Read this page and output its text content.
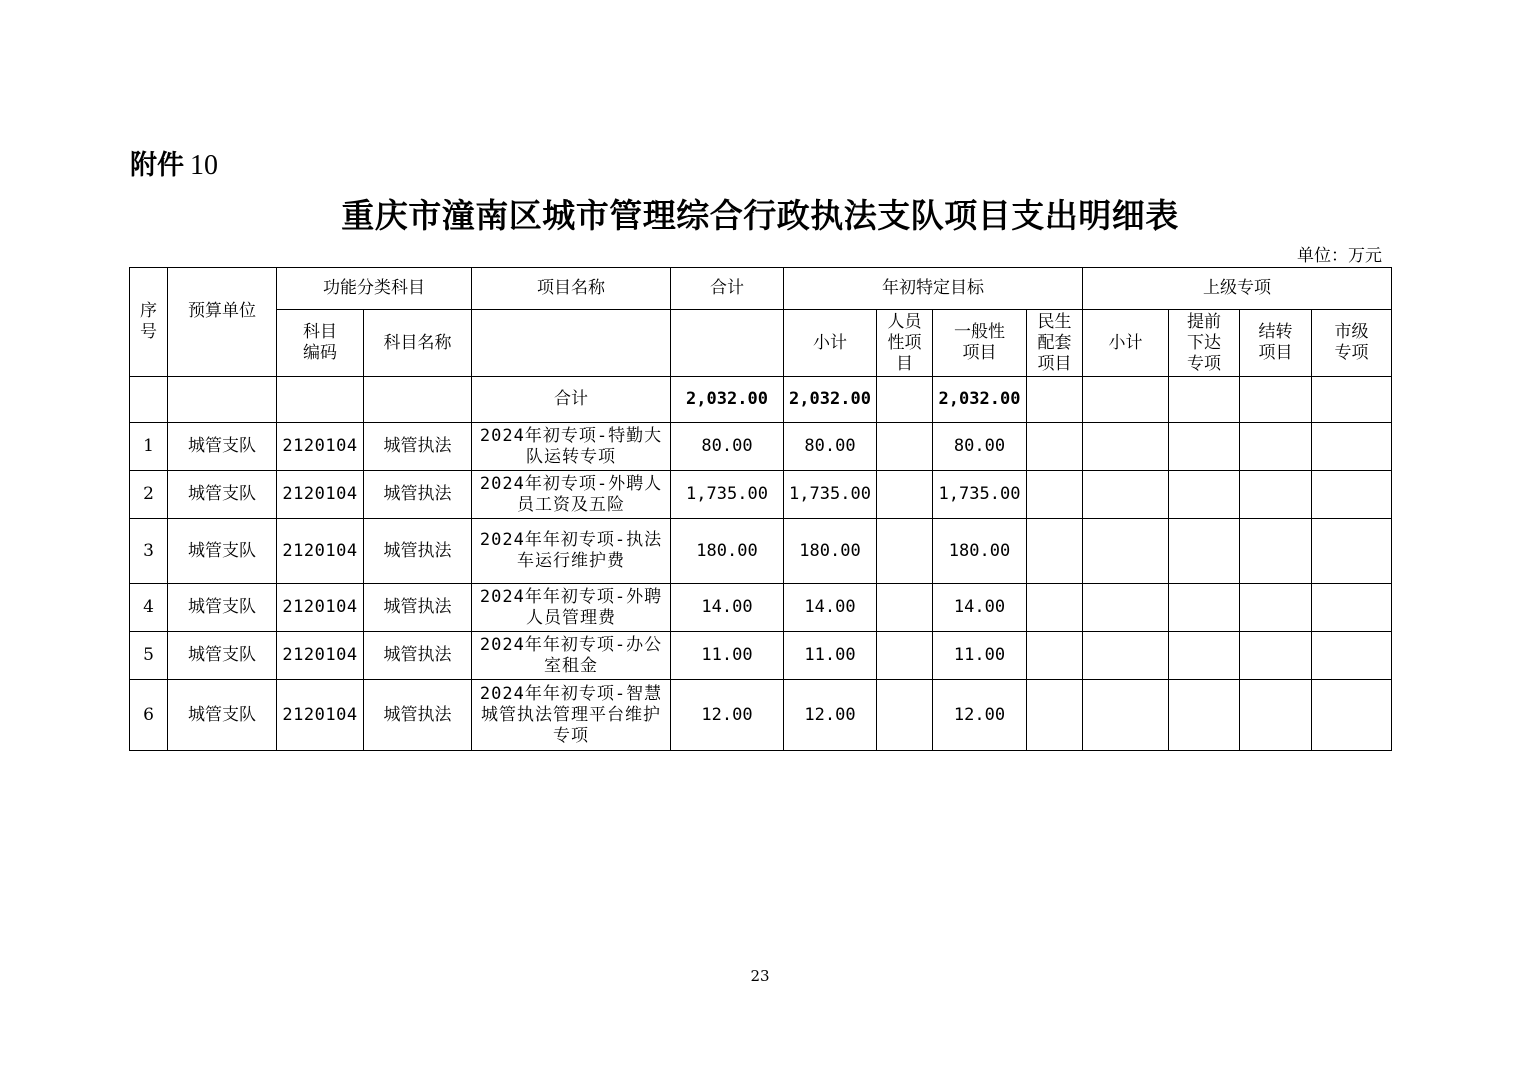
附件 10
重庆市潼南区城市管理综合行政执法支队项目支出明细表
单位：万元
序号	预算单位	功能分类科目		项目名称	合计	年初特定目标				上级专项			
		科目编码	科目名称			小计	人员性项目	一般性项目	民生配套项目	小计	提前下达专项	结转项目	市级专项
				合计	2,032.00	2,032.00		2,032.00					
1	城管支队	2120104	城管执法	2024年初专项-特勤大队运转专项	80.00	80.00		80.00					
2	城管支队	2120104	城管执法	2024年初专项-外聘人员工资及五险	1,735.00	1,735.00		1,735.00					
3	城管支队	2120104	城管执法	2024年年初专项-执法车运行维护费	180.00	180.00		180.00					
4	城管支队	2120104	城管执法	2024年年初专项-外聘人员管理费	14.00	14.00		14.00					
5	城管支队	2120104	城管执法	2024年年初专项-办公室租金	11.00	11.00		11.00					
6	城管支队	2120104	城管执法	2024年年初专项-智慧城管执法管理平台维护专项	12.00	12.00		12.00					
23
